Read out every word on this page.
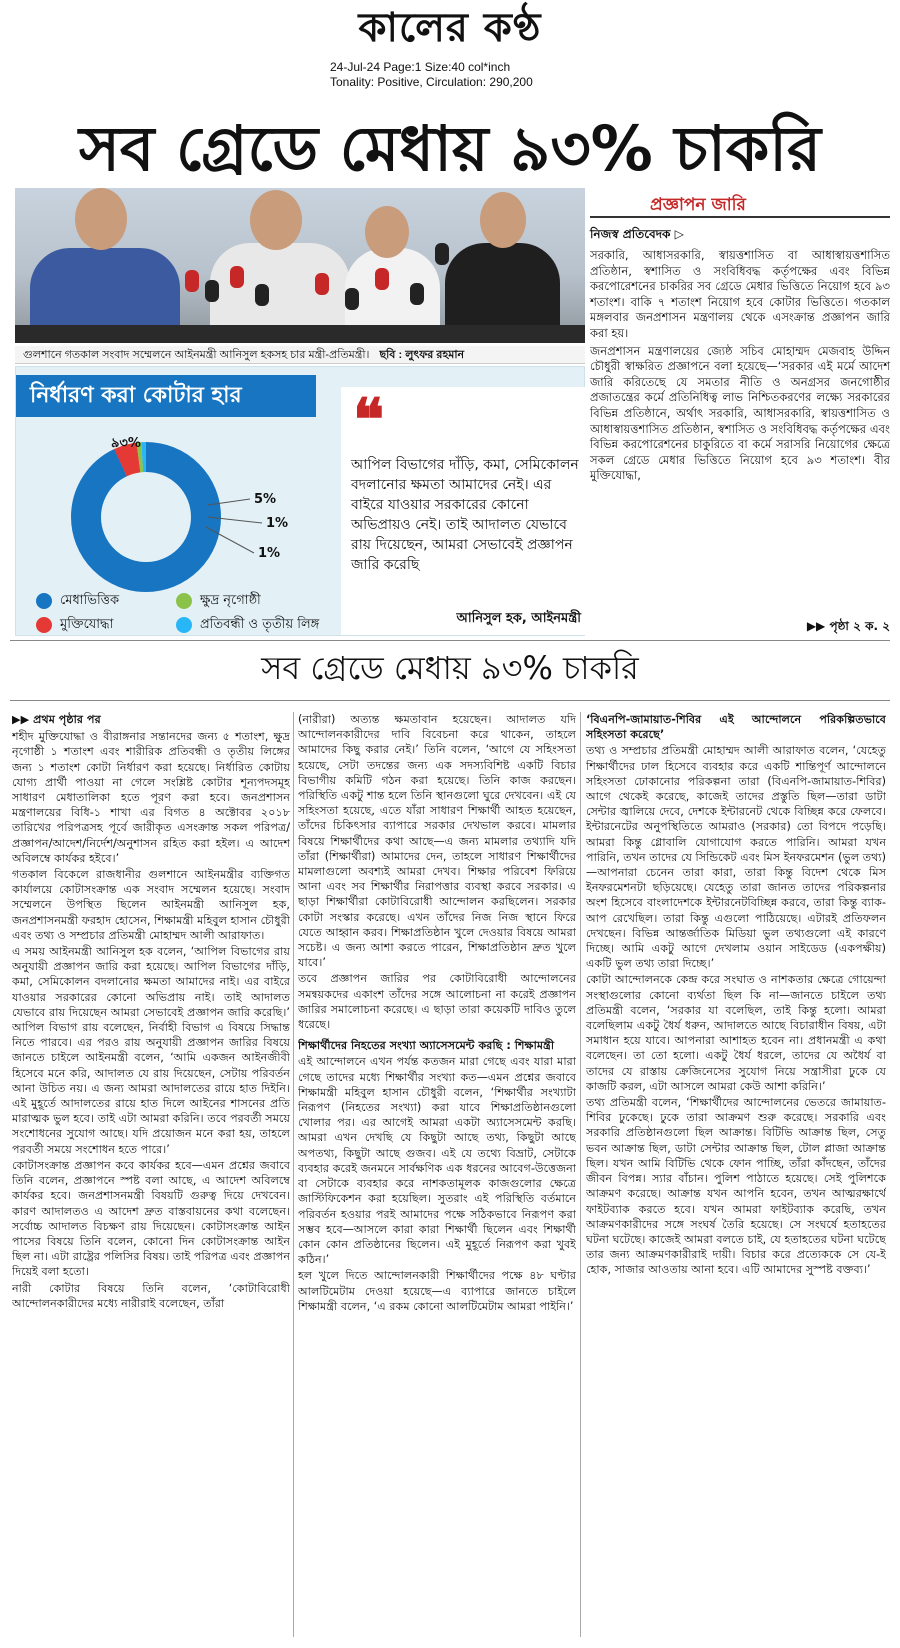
কালের কণ্ঠ
24-Jul-24 Page:1 Size:40 col*inch
Tonality: Positive, Circulation: 290,200
সব গ্রেডে মেধায় ৯৩% চাকরি
গুলশানে গতকাল সংবাদ সম্মেলনে আইনমন্ত্রী আনিসুল হকসহ চার মন্ত্রী-প্রতিমন্ত্রী। ছবি : লুৎফর রহমান
নির্ধারণ করা কোটার হার
৯৩%
5%
1%
1%
মেধাভিত্তিক	ক্ষুদ্র নৃগোষ্ঠী
মুক্তিযোদ্ধা	প্রতিবন্ধী ও তৃতীয় লিঙ্গ
❝
আপিল বিভাগের দাঁড়ি, কমা, সেমিকোলন বদলানোর ক্ষমতা আমাদের নেই। এর বাইরে যাওয়ার সরকারের কোনো অভিপ্রায়ও নেই। তাই আদালত যেভাবে রায় দিয়েছেন, আমরা সেভাবেই প্রজ্ঞাপন জারি করেছি
আনিসুল হক, আইনমন্ত্রী
প্রজ্ঞাপন জারি
নিজস্ব প্রতিবেদক ▷

সরকারি, আধাসরকারি, স্বায়ত্তশাসিত বা আধাস্বায়ত্তশাসিত প্রতিষ্ঠান, স্বশাসিত ও সংবিধিবদ্ধ কর্তৃপক্ষের এবং বিভিন্ন করপোরেশনের চাকরির সব গ্রেডে মেধার ভিত্তিতে নিয়োগ হবে ৯৩ শতাংশ। বাকি ৭ শতাংশ নিয়োগ হবে কোটার ভিত্তিতে। গতকাল মঙ্গলবার জনপ্রশাসন মন্ত্রণালয় থেকে এসংক্রান্ত প্রজ্ঞাপন জারি করা হয়।

জনপ্রশাসন মন্ত্রণালয়ের জ্যেষ্ঠ সচিব মোহাম্মদ মেজবাহ উদ্দিন চৌধুরী স্বাক্ষরিত প্রজ্ঞাপনে বলা হয়েছে—‘সরকার এই মর্মে আদেশ জারি করিতেছে যে সমতার নীতি ও অনগ্রসর জনগোষ্ঠীর প্রজাতন্ত্রের কর্মে প্রতিনিধিত্ব লাভ নিশ্চিতকরণের লক্ষ্যে সরকারের বিভিন্ন প্রতিষ্ঠানে, অর্থাৎ সরকারি, আধাসরকারি, স্বায়ত্তশাসিত ও আধাস্বায়ত্তশাসিত প্রতিষ্ঠান, স্বশাসিত ও সংবিধিবদ্ধ কর্তৃপক্ষের এবং বিভিন্ন করপোরেশনের চাকুরিতে বা কর্মে সরাসরি নিয়োগের ক্ষেত্রে সকল গ্রেডে মেধার ভিত্তিতে নিয়োগ হবে ৯৩ শতাংশ। বীর মুক্তিযোদ্ধা,

▶▶ পৃষ্ঠা ২ ক. ২
সব গ্রেডে মেধায় ৯৩% চাকরি

▶▶ প্রথম পৃষ্ঠার পর

শহীদ মুক্তিযোদ্ধা ও বীরাঙ্গনার সন্তানদের জন্য ৫ শতাংশ, ক্ষুদ্র নৃগোষ্ঠী ১ শতাংশ এবং শারীরিক প্রতিবন্ধী ও তৃতীয় লিঙ্গের জন্য ১ শতাংশ কোটা নির্ধারণ করা হয়েছে। নির্ধারিত কোটায় যোগ্য প্রার্থী পাওয়া না গেলে সংশ্লিষ্ট কোটার শূন্যপদসমূহ সাধারণ মেধাতালিকা হতে পূরণ করা হবে। জনপ্রশাসন মন্ত্রণালয়ের বিধি-১ শাখা এর বিগত ৪ অক্টোবর ২০১৮ তারিখের পরিপত্রসহ পূর্বে জারীকৃত এসংক্রান্ত সকল পরিপত্র/প্রজ্ঞাপন/আদেশ/নির্দেশ/অনুশাসন রহিত করা হইল। এ আদেশ অবিলম্বে কার্যকর হইবে।’

গতকাল বিকেলে রাজধানীর গুলশানে আইনমন্ত্রীর ব্যক্তিগত কার্যালয়ে কোটাসংক্রান্ত এক সংবাদ সম্মেলন হয়েছে। সংবাদ সম্মেলনে উপস্থিত ছিলেন আইনমন্ত্রী আনিসুল হক, জনপ্রশাসনমন্ত্রী ফরহাদ হোসেন, শিক্ষামন্ত্রী মহিবুল হাসান চৌধুরী এবং তথ্য ও সম্প্রচার প্রতিমন্ত্রী মোহাম্মদ আলী আরাফাত।

এ সময় আইনমন্ত্রী আনিসুল হক বলেন, ‘আপিল বিভাগের রায় অনুযায়ী প্রজ্ঞাপন জারি করা হয়েছে। আপিল বিভাগের দাঁড়ি, কমা, সেমিকোলন বদলানোর ক্ষমতা আমাদের নাই। এর বাইরে যাওয়ার সরকারের কোনো অভিপ্রায় নাই। তাই আদালত যেভাবে রায় দিয়েছেন আমরা সেভাবেই প্রজ্ঞাপন জারি করেছি।’ আপিল বিভাগ রায় বলেছেন, নির্বাহী বিভাগ এ বিষয়ে সিদ্ধান্ত নিতে পারবে। এর পরও রায় অনুযায়ী প্রজ্ঞাপন জারির বিষয়ে জানতে চাইলে আইনমন্ত্রী বলেন, ‘আমি একজন আইনজীবী হিসেবে মনে করি, আদালত যে রায় দিয়েছেন, সেটায় পরিবর্তন আনা উচিত নয়। এ জন্য আমরা আদালতের রায়ে হাত দিইনি। এই মুহূর্তে আদালতের রায়ে হাত দিলে আইনের শাসনের প্রতি মারাত্মক ভুল হবে। তাই এটা আমরা করিনি। তবে পরবর্তী সময়ে সংশোধনের সুযোগ আছে। যদি প্রয়োজন মনে করা হয়, তাহলে পরবর্তী সময়ে সংশোধন হতে পারে।’

কোটাসংক্রান্ত প্রজ্ঞাপন কবে কার্যকর হবে—এমন প্রশ্নের জবাবে তিনি বলেন, প্রজ্ঞাপনে স্পষ্ট বলা আছে, এ আদেশ অবিলম্বে কার্যকর হবে। জনপ্রশাসনমন্ত্রী বিষয়টি গুরুত্ব দিয়ে দেখবেন। কারণ আদালতও এ আদেশ দ্রুত বাস্তবায়নের কথা বলেছেন। সর্বোচ্চ আদালত বিচক্ষণ রায় দিয়েছেন। কোটাসংক্রান্ত আইন পাসের বিষয়ে তিনি বলেন, কোনো দিন কোটাসংক্রান্ত আইন ছিল না। এটা রাষ্ট্রের পলিসির বিষয়। তাই পরিপত্র এবং প্রজ্ঞাপন দিয়েই বলা হতো।

নারী কোটার বিষয়ে তিনি বলেন, ‘কোটাবিরোধী আন্দোলনকারীদের মধ্যে নারীরাই বলেছেন, তাঁরা

(নারীরা) অত্যন্ত ক্ষমতাবান হয়েছেন। আদালত যদি আন্দোলনকারীদের দাবি বিবেচনা করে থাকেন, তাহলে আমাদের কিছু করার নেই।’ তিনি বলেন, ‘আগে যে সহিংসতা হয়েছে, সেটা তদন্তের জন্য এক সদস্যবিশিষ্ট একটি বিচার বিভাগীয় কমিটি গঠন করা হয়েছে। তিনি কাজ করছেন। পরিস্থিতি একটু শান্ত হলে তিনি স্থানগুলো ঘুরে দেখবেন। এই যে সহিংসতা হয়েছে, এতে যাঁরা সাধারণ শিক্ষার্থী আহত হয়েছেন, তাঁদের চিকিৎসার ব্যাপারে সরকার দেখভাল করবে। মামলার বিষয়ে শিক্ষার্থীদের কথা আছে—এ জন্য মামলার তথ্যাদি যদি তাঁরা (শিক্ষার্থীরা) আমাদের দেন, তাহলে সাধারণ শিক্ষার্থীদের মামলাগুলো অবশ্যই আমরা দেখব। শিক্ষার পরিবেশ ফিরিয়ে আনা এবং সব শিক্ষার্থীর নিরাপত্তার ব্যবস্থা করবে সরকার। এ ছাড়া শিক্ষার্থীরা কোটাবিরোধী আন্দোলন করছিলেন। সরকার কোটা সংস্কার করেছে। এখন তাঁদের নিজ নিজ স্থানে ফিরে যেতে আহ্বান করব। শিক্ষাপ্রতিষ্ঠান খুলে দেওয়ার বিষয়ে আমরা সচেষ্ট। এ জন্য আশা করতে পারেন, শিক্ষাপ্রতিষ্ঠান দ্রুত খুলে যাবে।’

তবে প্রজ্ঞাপন জারির পর কোটাবিরোধী আন্দোলনের সমন্বয়কদের একাংশ তাঁদের সঙ্গে আলোচনা না করেই প্রজ্ঞাপন জারির সমালোচনা করেছে। এ ছাড়া তারা কয়েকটি দাবিও তুলে ধরেছে।

শিক্ষার্থীদের নিহতের সংখ্যা অ্যাসেসমেন্ট করছি : শিক্ষামন্ত্রী

এই আন্দোলনে এখন পর্যন্ত কতজন মারা গেছে এবং যারা মারা গেছে তাদের মধ্যে শিক্ষার্থীর সংখ্যা কত—এমন প্রশ্নের জবাবে শিক্ষামন্ত্রী মহিবুল হাসান চৌধুরী বলেন, ‘শিক্ষার্থীর সংখ্যাটা নিরূপণ (নিহতের সংখ্যা) করা যাবে শিক্ষাপ্রতিষ্ঠানগুলো খোলার পর। এর আগেই আমরা একটা অ্যাসেসমেন্ট করছি। আমরা এখন দেখছি যে কিছুটা আছে তথ্য, কিছুটা আছে অপতথ্য, কিছুটা আছে গুজব। এই যে তথ্যে বিভ্রাট, সেটাকে ব্যবহার করেই জনমনে সার্বক্ষণিক এক ধরনের আবেগ-উত্তেজনা বা সেটাকে ব্যবহার করে নাশকতামূলক কাজগুলোর ক্ষেত্রে জাস্টিফিকেশন করা হয়েছিল। সুতরাং এই পরিস্থিতি বর্তমানে পরিবর্তন হওয়ার পরই আমাদের পক্ষে সঠিকভাবে নিরূপণ করা সম্ভব হবে—আসলে কারা কারা শিক্ষার্থী ছিলেন এবং শিক্ষার্থী কোন কোন প্রতিষ্ঠানের ছিলেন। এই মুহূর্তে নিরূপণ করা খুবই কঠিন।’

হল খুলে দিতে আন্দোলনকারী শিক্ষার্থীদের পক্ষে ৪৮ ঘণ্টার আলটিমেটাম দেওয়া হয়েছে—এ ব্যাপারে জানতে চাইলে শিক্ষামন্ত্রী বলেন, ‘এ রকম কোনো আলটিমেটাম আমরা পাইনি।’

‘বিএনপি-জামায়াত-শিবির এই আন্দোলনে পরিকল্পিতভাবে সহিংসতা করেছে’

তথ্য ও সম্প্রচার প্রতিমন্ত্রী মোহাম্মদ আলী আরাফাত বলেন, ‘যেহেতু শিক্ষার্থীদের ঢাল হিসেবে ব্যবহার করে একটি শান্তিপূর্ণ আন্দোলনে সহিংসতা ঢোকানোর পরিকল্পনা তারা (বিএনপি-জামায়াত-শিবির) আগে থেকেই করেছে, কাজেই তাদের প্রস্তুতি ছিল—তারা ডাটা সেন্টার জ্বালিয়ে দেবে, দেশকে ইন্টারনেট থেকে বিচ্ছিন্ন করে ফেলবে। ইন্টারনেটের অনুপস্থিতিতে আমরাও (সরকার) তো বিপদে পড়েছি। আমরা কিন্তু গ্লোবালি যোগাযোগ করতে পারিনি। আমরা যখন পারিনি, তখন তাদের যে সিন্ডিকেট এবং মিস ইনফরমেশন (ভুল তথ্য)—আপনারা চেনেন তারা কারা, তারা কিন্তু বিদেশ থেকে মিস ইনফরমেশনটা ছড়িয়েছে। যেহেতু তারা জানত তাদের পরিকল্পনার অংশ হিসেবে বাংলাদেশকে ইন্টারনেটবিচ্ছিন্ন করবে, তারা কিন্তু ব্যাক-আপ রেখেছিল। তারা কিন্তু এগুলো পাঠিয়েছে। এটারই প্রতিফলন দেখছেন। বিভিন্ন আন্তর্জাতিক মিডিয়া ভুল তথ্যগুলো এই কারণে দিচ্ছে। আমি একটু আগে দেখলাম ওয়ান সাইডেড (একপক্ষীয়) একটি ভুল তথ্য তারা দিচ্ছে।’

কোটা আন্দোলনকে কেন্দ্র করে সংঘাত ও নাশকতার ক্ষেত্রে গোয়েন্দা সংস্থাগুলোর কোনো ব্যর্থতা ছিল কি না—জানতে চাইলে তথ্য প্রতিমন্ত্রী বলেন, ‘সরকার যা বলেছিল, তাই কিন্তু হলো। আমরা বলেছিলাম একটু ধৈর্য ধরুন, আদালতে আছে বিচারাধীন বিষয়, এটা সমাধান হয়ে যাবে। আপনারা আশাহত হবেন না। প্রধানমন্ত্রী এ কথা বলেছেন। তা তো হলো। একটু ধৈর্য ধরলে, তাদের যে অধৈর্য বা তাদের যে রাস্তায় ক্রেজিনেসের সুযোগ নিয়ে সন্ত্রাসীরা ঢুকে যে কাজটি করল, এটা আসলে আমরা কেউ আশা করিনি।’

তথ্য প্রতিমন্ত্রী বলেন, ‘শিক্ষার্থীদের আন্দোলনের ভেতরে জামায়াত-শিবির ঢুকেছে। ঢুকে তারা আক্রমণ শুরু করেছে। সরকারি এবং সরকারি প্রতিষ্ঠানগুলো ছিল আক্রান্ত। বিটিভি আক্রান্ত ছিল, সেতু ভবন আক্রান্ত ছিল, ডাটা সেন্টার আক্রান্ত ছিল, টোল প্লাজা আক্রান্ত ছিল। যখন আমি বিটিভি থেকে ফোন পাচ্ছি, তাঁরা কাঁদছেন, তাঁদের জীবন বিপন্ন। স্যার বাঁচান। পুলিশ পাঠাতে হয়েছে। সেই পুলিশকে আক্রমণ করেছে। আক্রান্ত যখন আপনি হবেন, তখন আত্মরক্ষার্থে ফাইটব্যাক করতে হবে। যখন আমরা ফাইটব্যাক করেছি, তখন আক্রমণকারীদের সঙ্গে সংঘর্ষ তৈরি হয়েছে। সে সংঘর্ষে হতাহতের ঘটনা ঘটেছে। কাজেই আমরা বলতে চাই, যে হতাহতের ঘটনা ঘটেছে তার জন্য আক্রমণকারীরাই দায়ী। বিচার করে প্রত্যেককে সে যে-ই হোক, সাজার আওতায় আনা হবে। এটি আমাদের সুস্পষ্ট বক্তব্য।’
